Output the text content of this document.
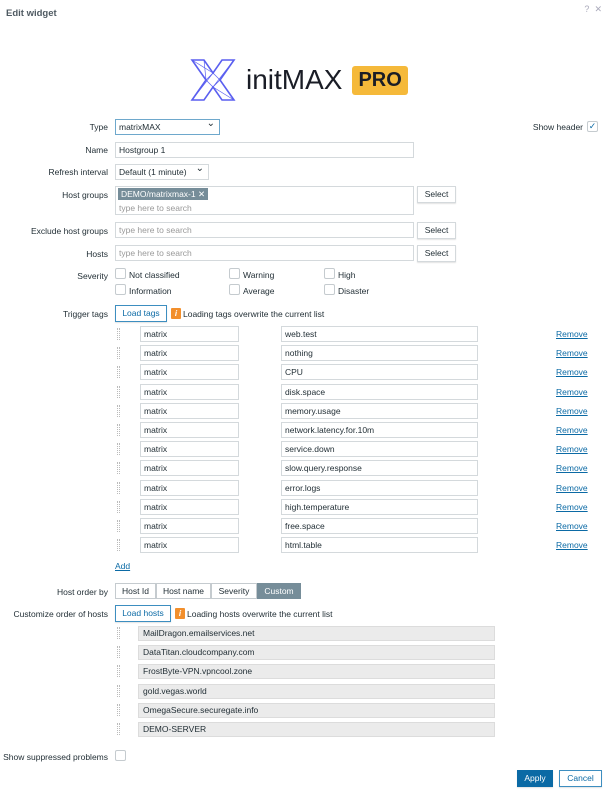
Edit widget	? ✕
initMAX PRO
Type	matrixMAX ⌄	Show header ✓
Name	Hostgroup 1
Refresh interval	Default (1 minute) ⌄
Host groups	DEMO/matrixmax-1 ✕
type here to search
Select
Exclude host groups	type here to search	Select
Hosts	type here to search	Select
Severity Not classified	Warning	High
Information	Average	Disaster
Trigger tags	Load tags	i Loading tags overwrite the current list
matrix	web.test	Remove
matrix	nothing	Remove
matrix	CPU	Remove
matrix	disk.space	Remove
matrix	memory.usage	Remove
matrix	network.latency.for.10m	Remove
matrix	service.down	Remove
matrix	slow.query.response	Remove
matrix	error.logs	Remove
matrix	high.temperature	Remove
matrix	free.space	Remove
matrix	html.table	Remove
Add
Host order by	Host Id	Host name	Severity	Custom
Customize order of hosts	Load hosts	i Loading hosts overwrite the current list
MailDragon.emailservices.net
DataTitan.cloudcompany.com
FrostByte-VPN.vpncool.zone
gold.vegas.world
OmegaSecure.securegate.info
DEMO-SERVER
Show suppressed problems
Apply	Cancel
